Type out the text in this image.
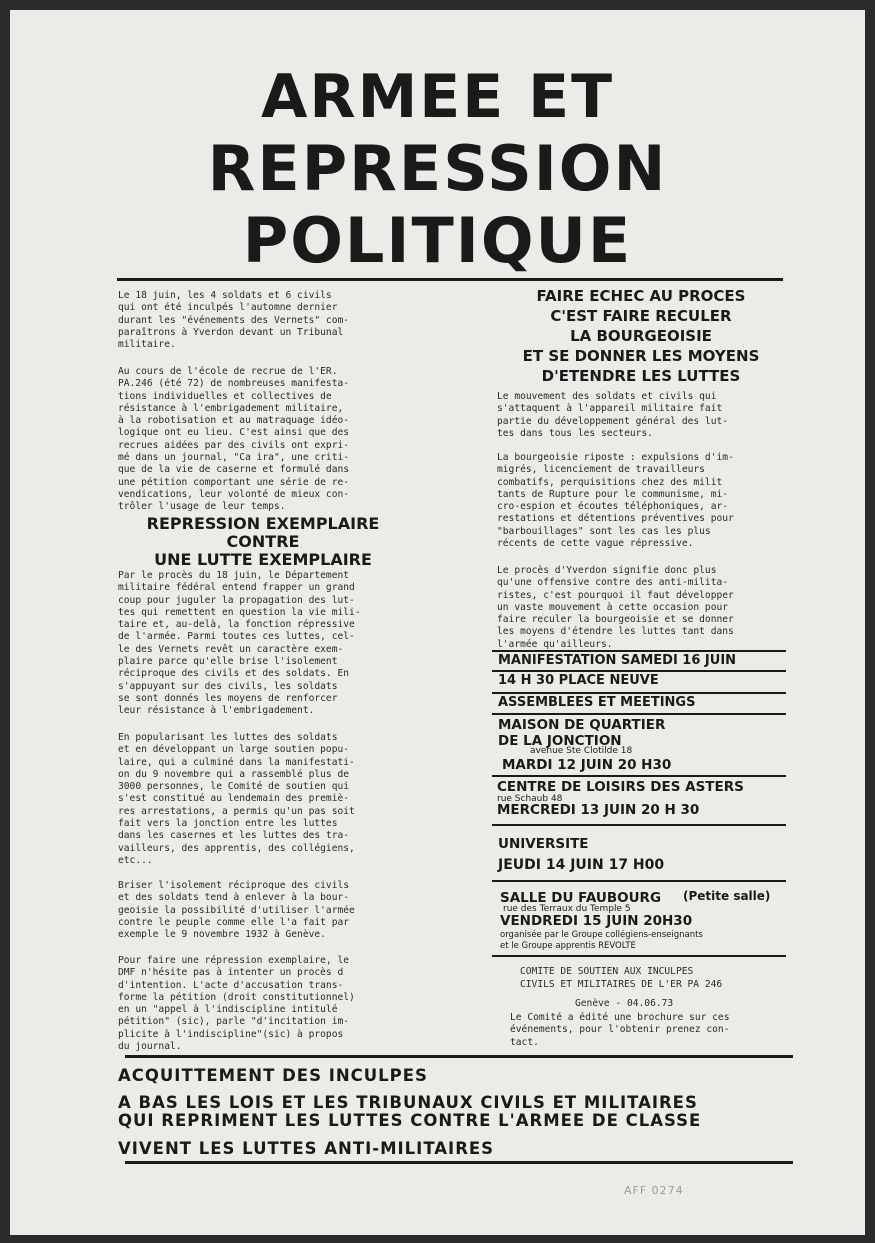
ARMEE ET
REPRESSION
POLITIQUE

Le 18 juin, les 4 soldats et 6 civils
qui ont été inculpés l'automne dernier
durant les "événements des Vernets" com-
paraîtrons à Yverdon devant un Tribunal
militaire.

Au cours de l'école de recrue de l'ER.
PA.246 (été 72) de nombreuses manifesta-
tions individuelles et collectives de
résistance à l'embrigadement militaire,
à la robotisation et au matraquage idéo-
logique ont eu lieu. C'est ainsi que des
recrues aidées par des civils ont expri-
mé dans un journal, "Ca ira", une criti-
que de la vie de caserne et formulé dans
une pétition comportant une série de re-
vendications, leur volonté de mieux con-
trôler l'usage de leur temps.

REPRESSION EXEMPLAIRE
CONTRE
UNE LUTTE EXEMPLAIRE

Par le procès du 18 juin, le Département
militaire fédéral entend frapper un grand
coup pour juguler la propagation des lut-
tes qui remettent en question la vie mili-
taire et, au-delà, la fonction répressive
de l'armée. Parmi toutes ces luttes, cel-
le des Vernets revêt un caractère exem-
plaire parce qu'elle brise l'isolement
réciproque des civils et des soldats. En
s'appuyant sur des civils, les soldats
se sont donnés les moyens de renforcer
leur résistance à l'embrigadement.

En popularisant les luttes des soldats
et en développant un large soutien popu-
laire, qui a culminé dans la manifestati-
on du 9 novembre qui a rassemblé plus de
3000 personnes, le Comité de soutien qui
s'est constitué au lendemain des premiè-
res arrestations, a permis qu'un pas soit
fait vers la jonction entre les luttes
dans les casernes et les luttes des tra-
vailleurs, des apprentis, des collégiens,
etc...

Briser l'isolement réciproque des civils
et des soldats tend à enlever à la bour-
geoisie la possibilité d'utiliser l'armée
contre le peuple comme elle l'a fait par
exemple le 9 novembre 1932 à Genève.

Pour faire une répression exemplaire, le
DMF n'hésite pas à intenter un procès d
d'intention. L'acte d'accusation trans-
forme la pétition (droit constitutionnel)
en un "appel à l'indiscipline intitulé
pétition" (sic), parle "d'incitation im-
plicite à l'indiscipline"(sic) à propos
du journal.

FAIRE ECHEC AU PROCES
C'EST FAIRE RECULER
LA BOURGEOISIE
ET SE DONNER LES MOYENS
D'ETENDRE LES LUTTES

Le mouvement des soldats et civils qui
s'attaquent à l'appareil militaire fait
partie du développement général des lut-
tes dans tous les secteurs.

La bourgeoisie riposte : expulsions d'im-
migrés, licenciement de travailleurs
combatifs, perquisitions chez des milit
tants de Rupture pour le communisme, mi-
cro-espion et écoutes téléphoniques, ar-
restations et détentions préventives pour
"barbouillages" sont les cas les plus
récents de cette vague répressive.

Le procès d'Yverdon signifie donc plus
qu'une offensive contre des anti-milita-
ristes, c'est pourquoi il faut développer
un vaste mouvement à cette occasion pour
faire reculer la bourgeoisie et se donner
les moyens d'étendre les luttes tant dans
l'armée qu'ailleurs.

MANIFESTATION SAMEDI 16 JUIN

14 H 30 PLACE NEUVE

ASSEMBLEES ET MEETINGS

MAISON DE QUARTIER

DE LA JONCTION

avenue Ste Clotilde 18

MARDI 12 JUIN 20 H30

CENTRE DE LOISIRS DES ASTERS

rue Schaub 48

MERCREDI 13 JUIN 20 H 30

UNIVERSITE

JEUDI 14 JUIN 17 H00

SALLE DU FAUBOURG (Petite salle)

rue des Terraux du Temple 5

VENDREDI 15 JUIN 20H30

organisée par le Groupe collégiens-enseignants

et le Groupe apprentis REVOLTE

COMITE DE SOUTIEN AUX INCULPES

CIVILS ET MILITAIRES DE L'ER PA 246

Genève - 04.06.73

Le Comité a édité une brochure sur ces
événements, pour l'obtenir prenez con-
tact.

ACQUITTEMENT DES INCULPES

A BAS LES LOIS ET LES TRIBUNAUX CIVILS ET MILITAIRES

QUI REPRIMENT LES LUTTES CONTRE L'ARMEE DE CLASSE

VIVENT LES LUTTES ANTI-MILITAIRES

AFF 0274
